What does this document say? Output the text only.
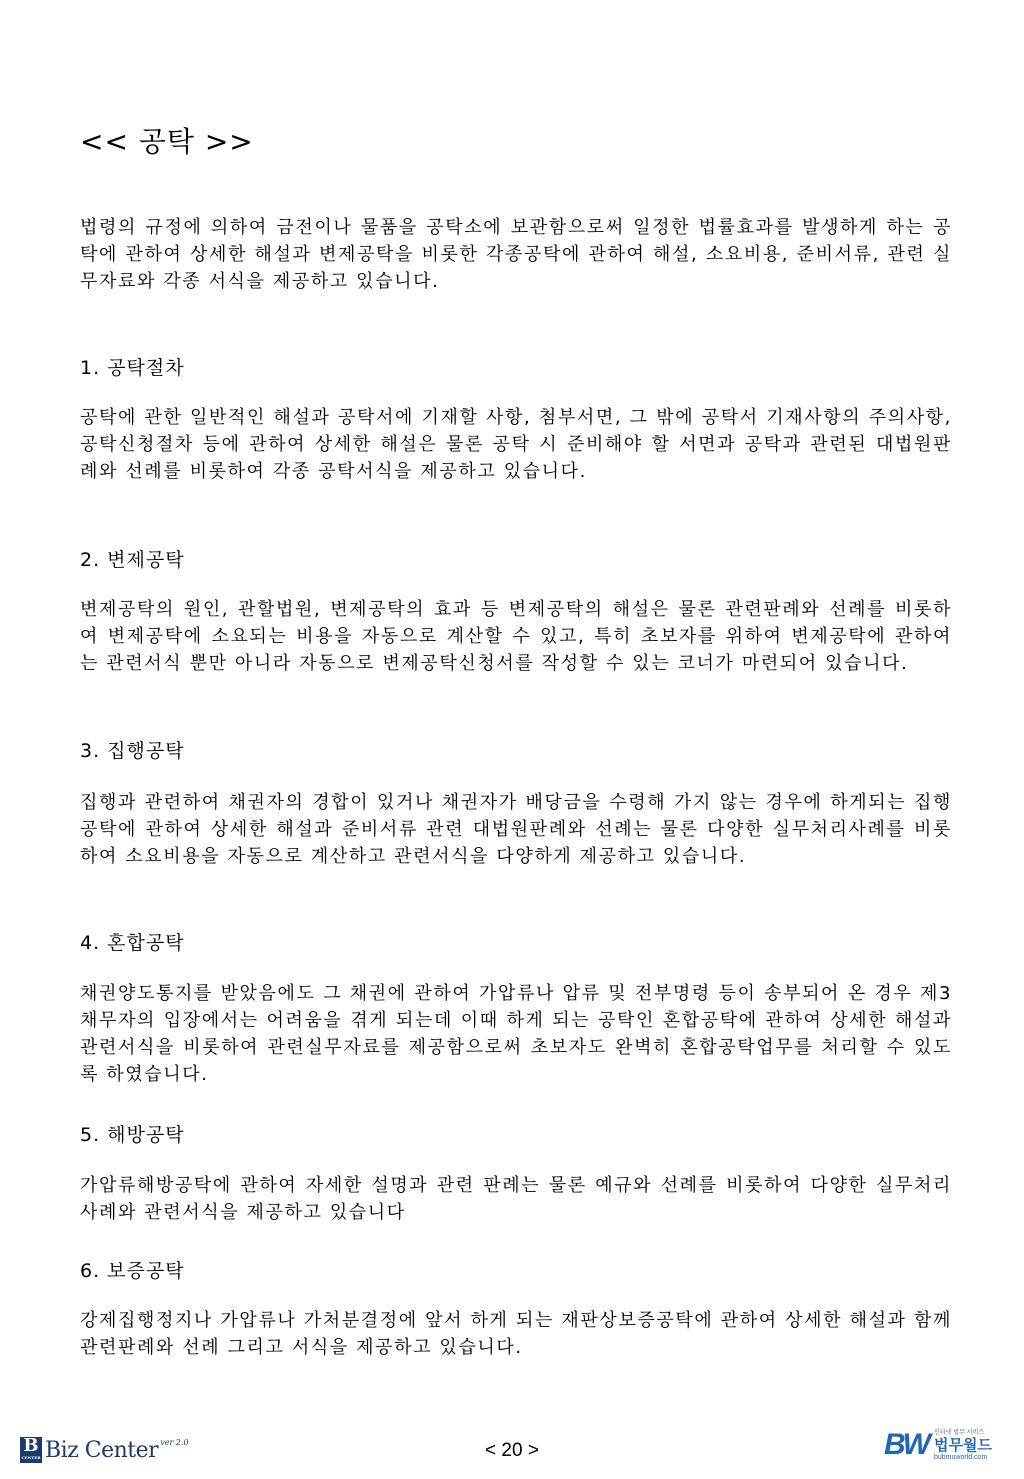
<< 공탁 >>

법령의 규정에 의하여 금전이나 물품을 공탁소에 보관함으로써 일정한 법률효과를 발생하게 하는 공탁에 관하여 상세한 해설과 변제공탁을 비롯한 각종공탁에 관하여 해설, 소요비용, 준비서류, 관련 실무자료와 각종 서식을 제공하고 있습니다.

1. 공탁절차

공탁에 관한 일반적인 해설과 공탁서에 기재할 사항, 첨부서면, 그 밖에 공탁서 기재사항의 주의사항, 공탁신청절차 등에 관하여 상세한 해설은 물론 공탁 시 준비해야 할 서면과 공탁과 관련된 대법원판례와 선례를 비롯하여 각종 공탁서식을 제공하고 있습니다.

2. 변제공탁

변제공탁의 원인, 관할법원, 변제공탁의 효과 등 변제공탁의 해설은 물론 관련판례와 선례를 비롯하여 변제공탁에 소요되는 비용을 자동으로 계산할 수 있고, 특히 초보자를 위하여 변제공탁에 관하여는 관련서식 뿐만 아니라 자동으로 변제공탁신청서를 작성할 수 있는 코너가 마련되어 있습니다.

3. 집행공탁

집행과 관련하여 채권자의 경합이 있거나 채권자가 배당금을 수령해 가지 않는 경우에 하게되는 집행공탁에 관하여 상세한 해설과 준비서류 관련 대법원판례와 선례는 물론 다양한 실무처리사례를 비롯하여 소요비용을 자동으로 계산하고 관련서식을 다양하게 제공하고 있습니다.

4. 혼합공탁

채권양도통지를 받았음에도 그 채권에 관하여 가압류나 압류 및 전부명령 등이 송부되어 온 경우 제3채무자의 입장에서는 어려움을 겪게 되는데 이때 하게 되는 공탁인 혼합공탁에 관하여 상세한 해설과 관련서식을 비롯하여 관련실무자료를 제공함으로써 초보자도 완벽히 혼합공탁업무를 처리할 수 있도록 하였습니다.

5. 해방공탁

가압류해방공탁에 관하여 자세한 설명과 관련 판례는 물론 예규와 선례를 비롯하여 다양한 실무처리사례와 관련서식을 제공하고 있습니다

6. 보증공탁

강제집행정지나 가압류나 가처분결정에 앞서 하게 되는 재판상보증공탁에 관하여 상세한 해설과 함께 관련판례와 선례 그리고 서식을 제공하고 있습니다.

B
CENTER Biz Center ver 2.0	< 20 >	BW 인터넷 법무 서비스
법무월드
bubmuworld.com
